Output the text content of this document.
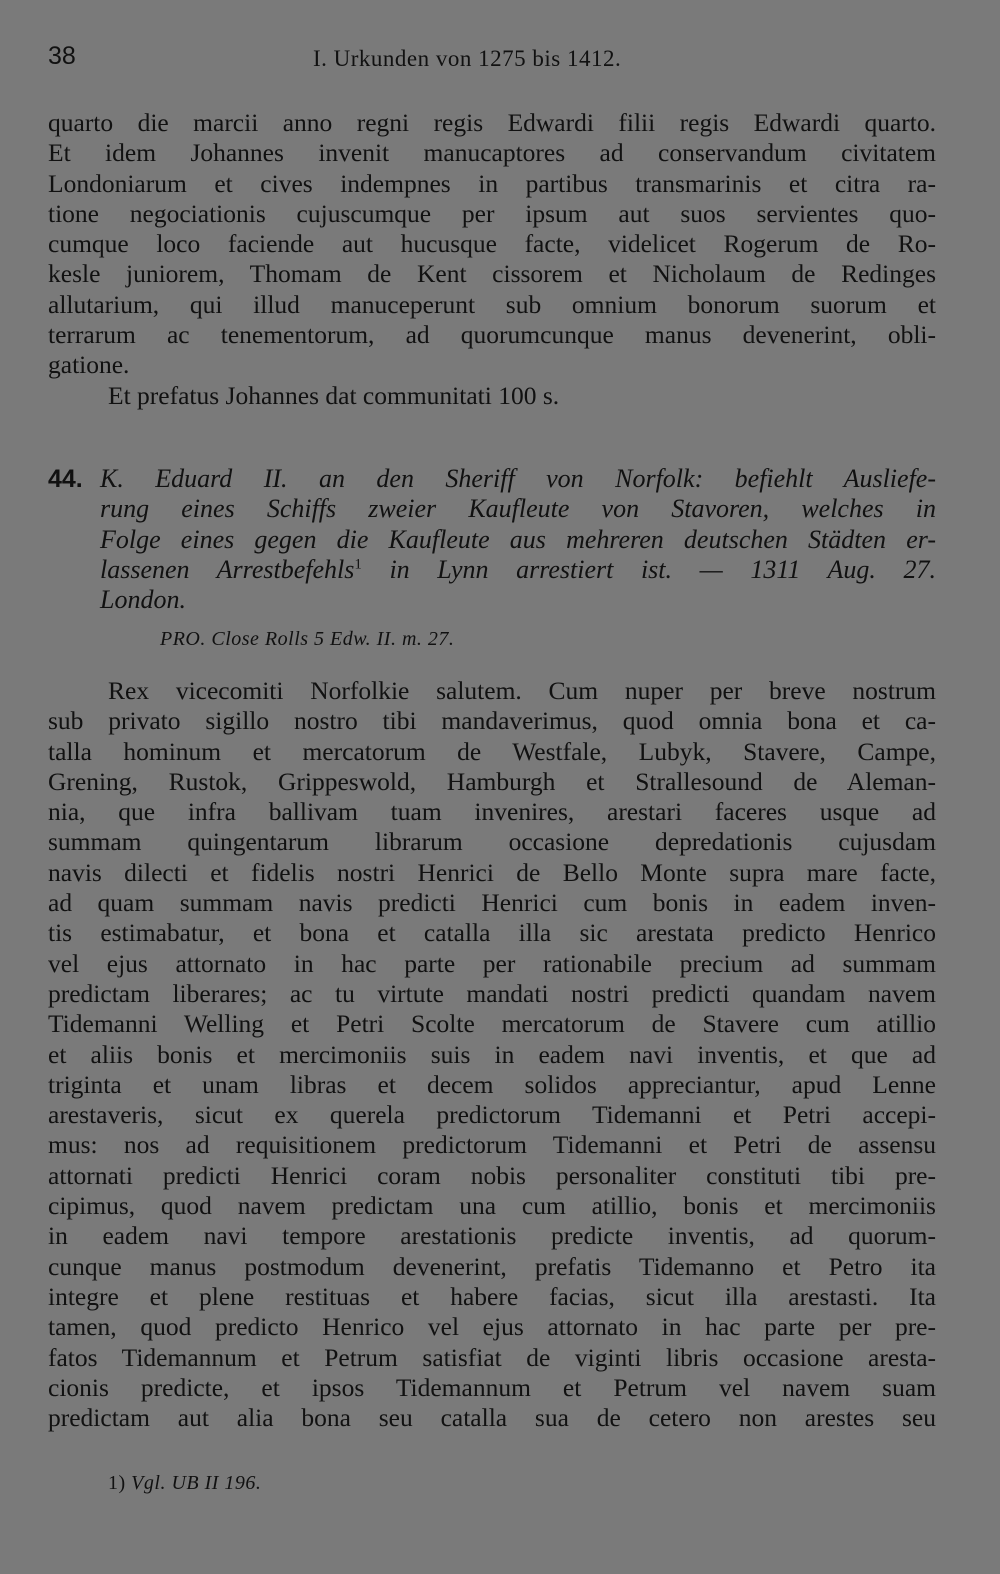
38	I. Urkunden von 1275 bis 1412.
quarto die marcii anno regni regis Edwardi filii regis Edwardi quarto.
Et idem Johannes invenit manucaptores ad conservandum civitatem
Londoniarum et cives indempnes in partibus transmarinis et citra ra-
tione negociationis cujuscumque per ipsum aut suos servientes quo-
cumque loco faciende aut hucusque facte, videlicet Rogerum de Ro-
kesle juniorem, Thomam de Kent cissorem et Nicholaum de Redinges
allutarium, qui illud manuceperunt sub omnium bonorum suorum et
terrarum ac tenementorum, ad quorumcunque manus devenerint, obli-
gatione.
Et prefatus Johannes dat communitati 100 s.
44. K. Eduard II. an den Sheriff von Norfolk: befiehlt Ausliefe-
rung eines Schiffs zweier Kaufleute von Stavoren, welches in
Folge eines gegen die Kaufleute aus mehreren deutschen Städten er-
lassenen Arrestbefehls$^1$ in Lynn arrestiert ist. — 1311 Aug. 27.
London.
PRO. Close Rolls 5 Edw. II. m. 27.
Rex vicecomiti Norfolkie salutem. Cum nuper per breve nostrum
sub privato sigillo nostro tibi mandaverimus, quod omnia bona et ca-
talla hominum et mercatorum de Westfale, Lubyk, Stavere, Campe,
Grening, Rustok, Grippeswold, Hamburgh et Strallesound de Aleman-
nia, que infra ballivam tuam invenires, arestari faceres usque ad
summam quingentarum librarum occasione depredationis cujusdam
navis dilecti et fidelis nostri Henrici de Bello Monte supra mare facte,
ad quam summam navis predicti Henrici cum bonis in eadem inven-
tis estimabatur, et bona et catalla illa sic arestata predicto Henrico
vel ejus attornato in hac parte per rationabile precium ad summam
predictam liberares; ac tu virtute mandati nostri predicti quandam navem
Tidemanni Welling et Petri Scolte mercatorum de Stavere cum atillio
et aliis bonis et mercimoniis suis in eadem navi inventis, et que ad
triginta et unam libras et decem solidos appreciantur, apud Lenne
arestaveris, sicut ex querela predictorum Tidemanni et Petri accepi-
mus: nos ad requisitionem predictorum Tidemanni et Petri de assensu
attornati predicti Henrici coram nobis personaliter constituti tibi pre-
cipimus, quod navem predictam una cum atillio, bonis et mercimoniis
in eadem navi tempore arestationis predicte inventis, ad quorum-
cunque manus postmodum devenerint, prefatis Tidemanno et Petro ita
integre et plene restituas et habere facias, sicut illa arestasti. Ita
tamen, quod predicto Henrico vel ejus attornato in hac parte per pre-
fatos Tidemannum et Petrum satisfiat de viginti libris occasione aresta-
cionis predicte, et ipsos Tidemannum et Petrum vel navem suam
predictam aut alia bona seu catalla sua de cetero non arestes seu
1) Vgl. UB II 196.
